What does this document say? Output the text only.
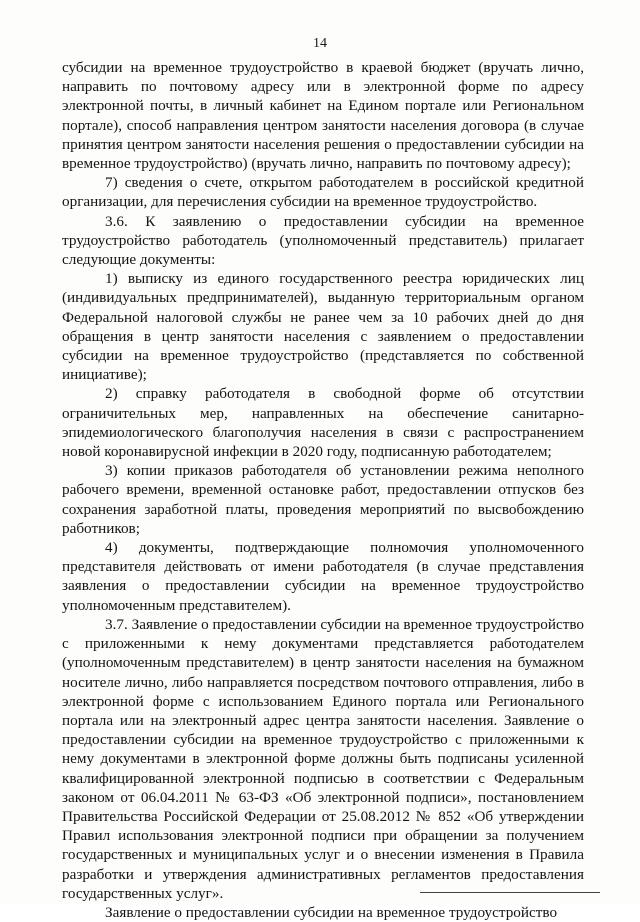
14

субсидии на временное трудоустройство в краевой бюджет (вручать лично, направить по почтовому адресу или в электронной форме по адресу электронной почты, в личный кабинет на Едином портале или Региональном портале), способ направления центром занятости населения договора (в случае принятия центром занятости населения решения о предоставлении субсидии на временное трудоустройство) (вручать лично, направить по почтовому адресу);

7) сведения о счете, открытом работодателем в российской кредитной организации, для перечисления субсидии на временное трудоустройство.

3.6. К заявлению о предоставлении субсидии на временное трудоустройство работодатель (уполномоченный представитель) прилагает следующие документы:

1) выписку из единого государственного реестра юридических лиц (индивидуальных предпринимателей), выданную территориальным органом Федеральной налоговой службы не ранее чем за 10 рабочих дней до дня обращения в центр занятости населения с заявлением о предоставлении субсидии на временное трудоустройство (представляется по собственной инициативе);

2) справку работодателя в свободной форме об отсутствии ограничительных мер, направленных на обеспечение санитарно-эпидемиологического благополучия населения в связи с распространением новой коронавирусной инфекции в 2020 году, подписанную работодателем;

3) копии приказов работодателя об установлении режима неполного рабочего времени, временной остановке работ, предоставлении отпусков без сохранения заработной платы, проведения мероприятий по высвобождению работников;

4) документы, подтверждающие полномочия уполномоченного представителя действовать от имени работодателя (в случае представления заявления о предоставлении субсидии на временное трудоустройство уполномоченным представителем).

3.7. Заявление о предоставлении субсидии на временное трудоустройство с приложенными к нему документами представляется работодателем (уполномоченным представителем) в центр занятости населения на бумажном носителе лично, либо направляется посредством почтового отправления, либо в электронной форме с использованием Единого портала или Регионального портала или на электронный адрес центра занятости населения. Заявление о предоставлении субсидии на временное трудоустройство с приложенными к нему документами в электронной форме должны быть подписаны усиленной квалифицированной электронной подписью в соответствии с Федеральным законом от 06.04.2011 № 63-ФЗ «Об электронной подписи», постановлением Правительства Российской Федерации от 25.08.2012 № 852 «Об утверждении Правил использования электронной подписи при обращении за получением государственных и муниципальных услуг и о внесении изменения в Правила разработки и утверждения административных регламентов предоставления государственных услуг».

Заявление о предоставлении субсидии на временное трудоустройство
